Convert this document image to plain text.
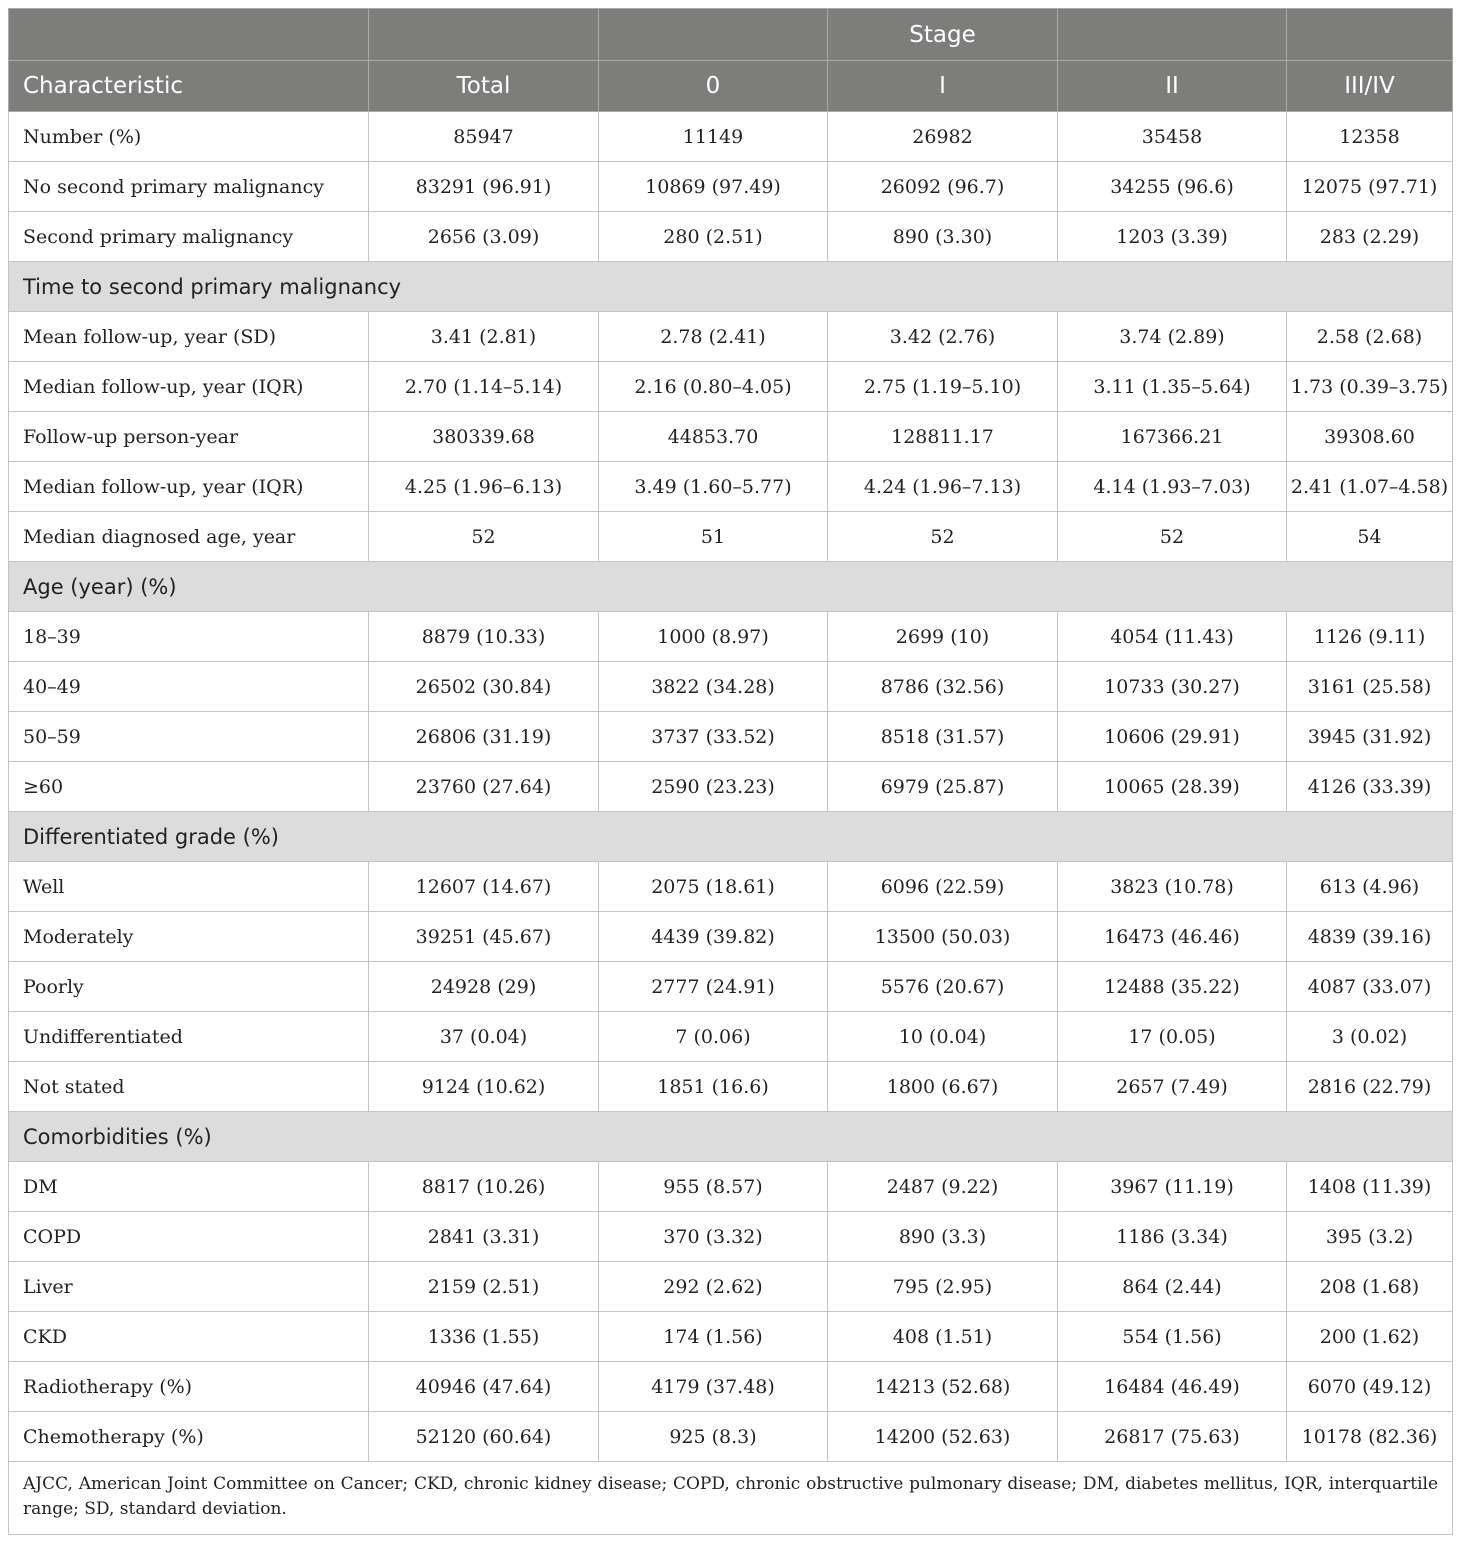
			Stage		
Characteristic	Total	0	I	II	III/IV
Number (%)	85947	11149	26982	35458	12358
No second primary malignancy	83291 (96.91)	10869 (97.49)	26092 (96.7)	34255 (96.6)	12075 (97.71)
Second primary malignancy	2656 (3.09)	280 (2.51)	890 (3.30)	1203 (3.39)	283 (2.29)
Time to second primary malignancy					
Mean follow-up, year (SD)	3.41 (2.81)	2.78 (2.41)	3.42 (2.76)	3.74 (2.89)	2.58 (2.68)
Median follow-up, year (IQR)	2.70 (1.14–5.14)	2.16 (0.80–4.05)	2.75 (1.19–5.10)	3.11 (1.35–5.64)	1.73 (0.39–3.75)
Follow-up person-year	380339.68	44853.70	128811.17	167366.21	39308.60
Median follow-up, year (IQR)	4.25 (1.96–6.13)	3.49 (1.60–5.77)	4.24 (1.96–7.13)	4.14 (1.93–7.03)	2.41 (1.07–4.58)
Median diagnosed age, year	52	51	52	52	54
Age (year) (%)					
18–39	8879 (10.33)	1000 (8.97)	2699 (10)	4054 (11.43)	1126 (9.11)
40–49	26502 (30.84)	3822 (34.28)	8786 (32.56)	10733 (30.27)	3161 (25.58)
50–59	26806 (31.19)	3737 (33.52)	8518 (31.57)	10606 (29.91)	3945 (31.92)
≥60	23760 (27.64)	2590 (23.23)	6979 (25.87)	10065 (28.39)	4126 (33.39)
Differentiated grade (%)					
Well	12607 (14.67)	2075 (18.61)	6096 (22.59)	3823 (10.78)	613 (4.96)
Moderately	39251 (45.67)	4439 (39.82)	13500 (50.03)	16473 (46.46)	4839 (39.16)
Poorly	24928 (29)	2777 (24.91)	5576 (20.67)	12488 (35.22)	4087 (33.07)
Undifferentiated	37 (0.04)	7 (0.06)	10 (0.04)	17 (0.05)	3 (0.02)
Not stated	9124 (10.62)	1851 (16.6)	1800 (6.67)	2657 (7.49)	2816 (22.79)
Comorbidities (%)					
DM	8817 (10.26)	955 (8.57)	2487 (9.22)	3967 (11.19)	1408 (11.39)
COPD	2841 (3.31)	370 (3.32)	890 (3.3)	1186 (3.34)	395 (3.2)
Liver	2159 (2.51)	292 (2.62)	795 (2.95)	864 (2.44)	208 (1.68)
CKD	1336 (1.55)	174 (1.56)	408 (1.51)	554 (1.56)	200 (1.62)
Radiotherapy (%)	40946 (47.64)	4179 (37.48)	14213 (52.68)	16484 (46.49)	6070 (49.12)
Chemotherapy (%)	52120 (60.64)	925 (8.3)	14200 (52.63)	26817 (75.63)	10178 (82.36)
AJCC, American Joint Committee on Cancer; CKD, chronic kidney disease; COPD, chronic obstructive pulmonary disease; DM, diabetes mellitus, IQR, interquartile range; SD, standard deviation.					
